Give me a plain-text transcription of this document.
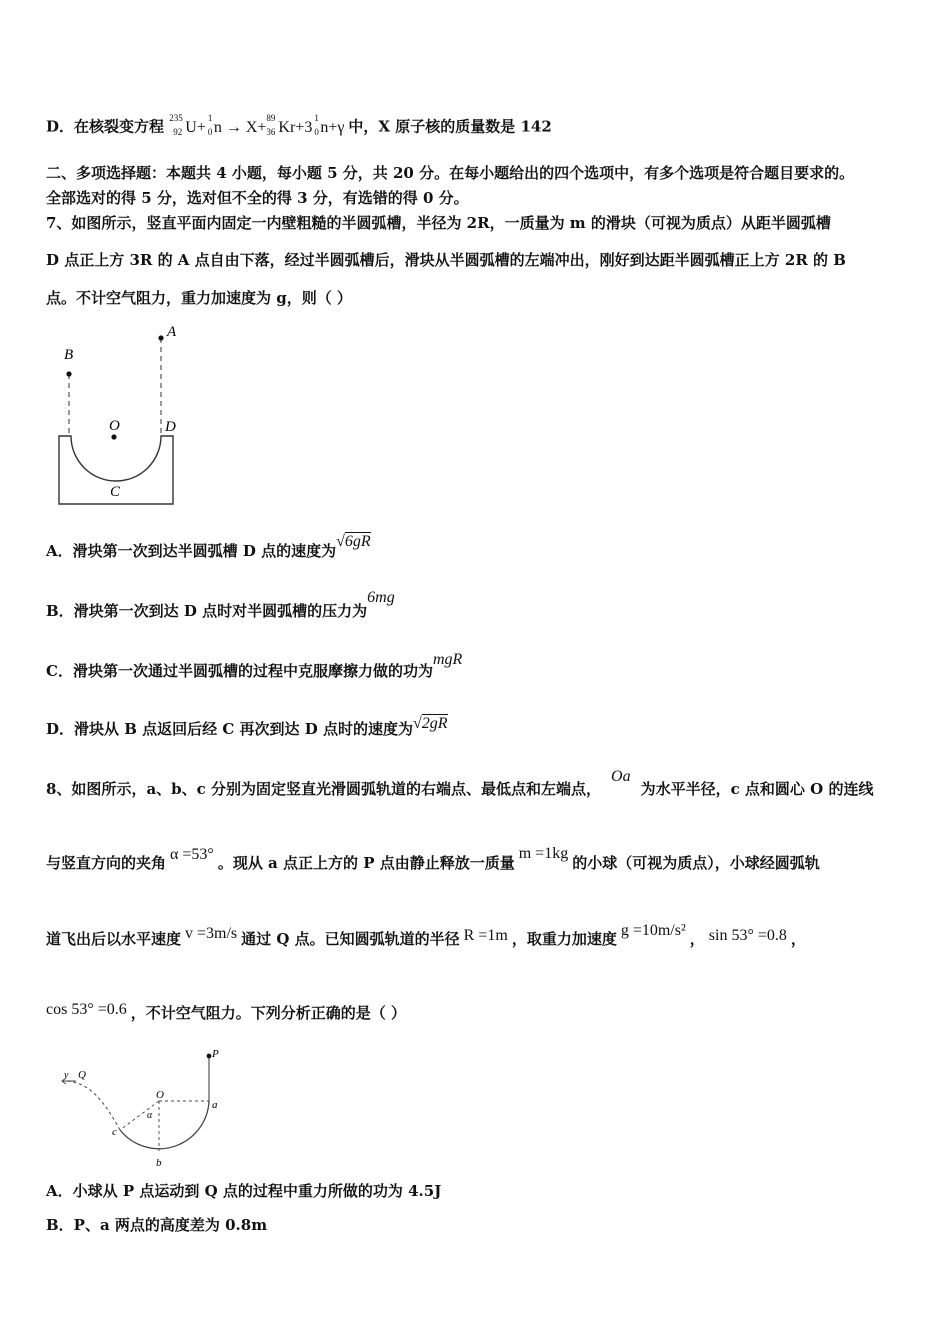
D．在核裂变方程 235
92 U+
1
0 n → X+
89
36 Kr+3
1
0 n+γ 中，X 原子核的质量数是 142
二、多项选择题：本题共 4 小题，每小题 5 分，共 20 分。在每小题给出的四个选项中，有多个选项是符合题目要求的。
全部选对的得 5 分，选对但不全的得 3 分，有选错的得 0 分。
7、如图所示，竖直平面内固定一内壁粗糙的半圆弧槽，半径为 2R，一质量为 m 的滑块（可视为质点）从距半圆弧槽
D 点正上方 3R 的 A 点自由下落，经过半圆弧槽后，滑块从半圆弧槽的左端冲出，刚好到达距半圆弧槽正上方 2R 的 B
点。不计空气阻力，重力加速度为 g，则（ ）
A
B
O	D
C
A．滑块第一次到达半圆弧槽 D 点的速度为√6gR
B．滑块第一次到达 D 点时对半圆弧槽的压力为6mg
C．滑块第一次通过半圆弧槽的过程中克服摩擦力做的功为mgR
D．滑块从 B 点返回后经 C 再次到达 D 点时的速度为√2gR
8、如图所示，a、b、c 分别为固定竖直光滑圆弧轨道的右端点、最低点和左端点，Oa为水平半径，c 点和圆心 O 的连线
与竖直方向的夹角 α =53° 。现从 a 点正上方的 P 点由静止释放一质量m =1kg的小球（可视为质点），小球经圆弧轨
道飞出后以水平速度 v =3m/s 通过 Q 点。已知圆弧轨道的半径 R =1m ，取重力加速度 g =10m/s² ， sin 53° =0.8 ，
cos 53° =0.6 ，不计空气阻力。下列分析正确的是（ ）
v Q
P
O
a
c
α
b
A．小球从 P 点运动到 Q 点的过程中重力所做的功为 4.5J
B．P、a 两点的高度差为 0.8m
